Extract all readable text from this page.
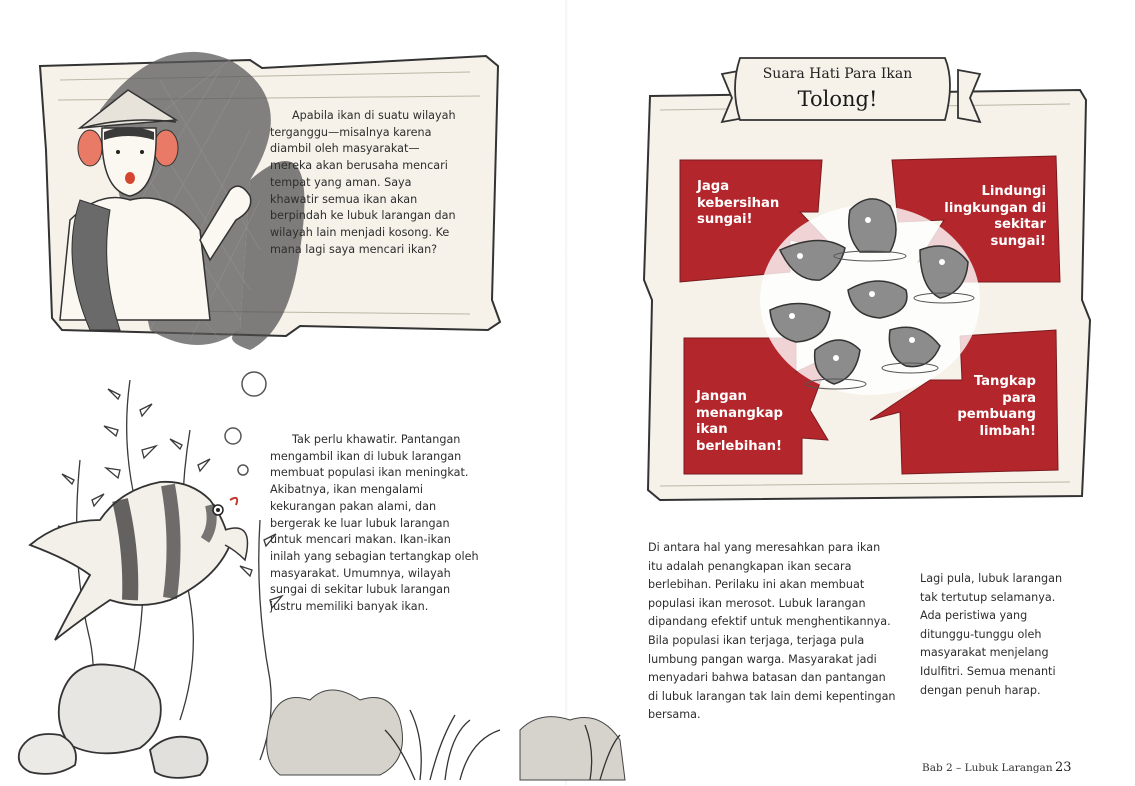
Apabila ikan di suatu wilayah terganggu—misalnya karena diambil oleh masyarakat—mereka akan berusaha mencari tempat yang aman. Saya khawatir semua ikan akan berpindah ke lubuk larangan dan wilayah lain menjadi kosong. Ke mana lagi saya mencari ikan?
Tak perlu khawatir. Pantangan mengambil ikan di lubuk larangan membuat populasi ikan meningkat. Akibatnya, ikan mengalami kekurangan pakan alami, dan bergerak ke luar lubuk larangan untuk mencari makan. Ikan-ikan inilah yang sebagian tertangkap oleh masyarakat. Umumnya, wilayah sungai di sekitar lubuk larangan justru memiliki banyak ikan.
Suara Hati Para Ikan
Tolong!
Jaga kebersihan sungai!
Lindungi lingkungan di sekitar sungai!
Jangan menangkap ikan berlebihan!
Tangkap para pembuang limbah!
Di antara hal yang meresahkan para ikan itu adalah penangkapan ikan secara berlebihan. Perilaku ini akan membuat populasi ikan merosot. Lubuk larangan dipandang efektif untuk menghentikannya. Bila populasi ikan terjaga, terjaga pula lumbung pangan warga. Masyarakat jadi menyadari bahwa batasan dan pantangan di lubuk larangan tak lain demi kepentingan bersama.
Lagi pula, lubuk larangan tak tertutup selamanya. Ada peristiwa yang ditunggu-tunggu oleh masyarakat menjelang Idulfitri. Semua menanti dengan penuh harap.
Bab 2 – Lubuk Larangan 23
